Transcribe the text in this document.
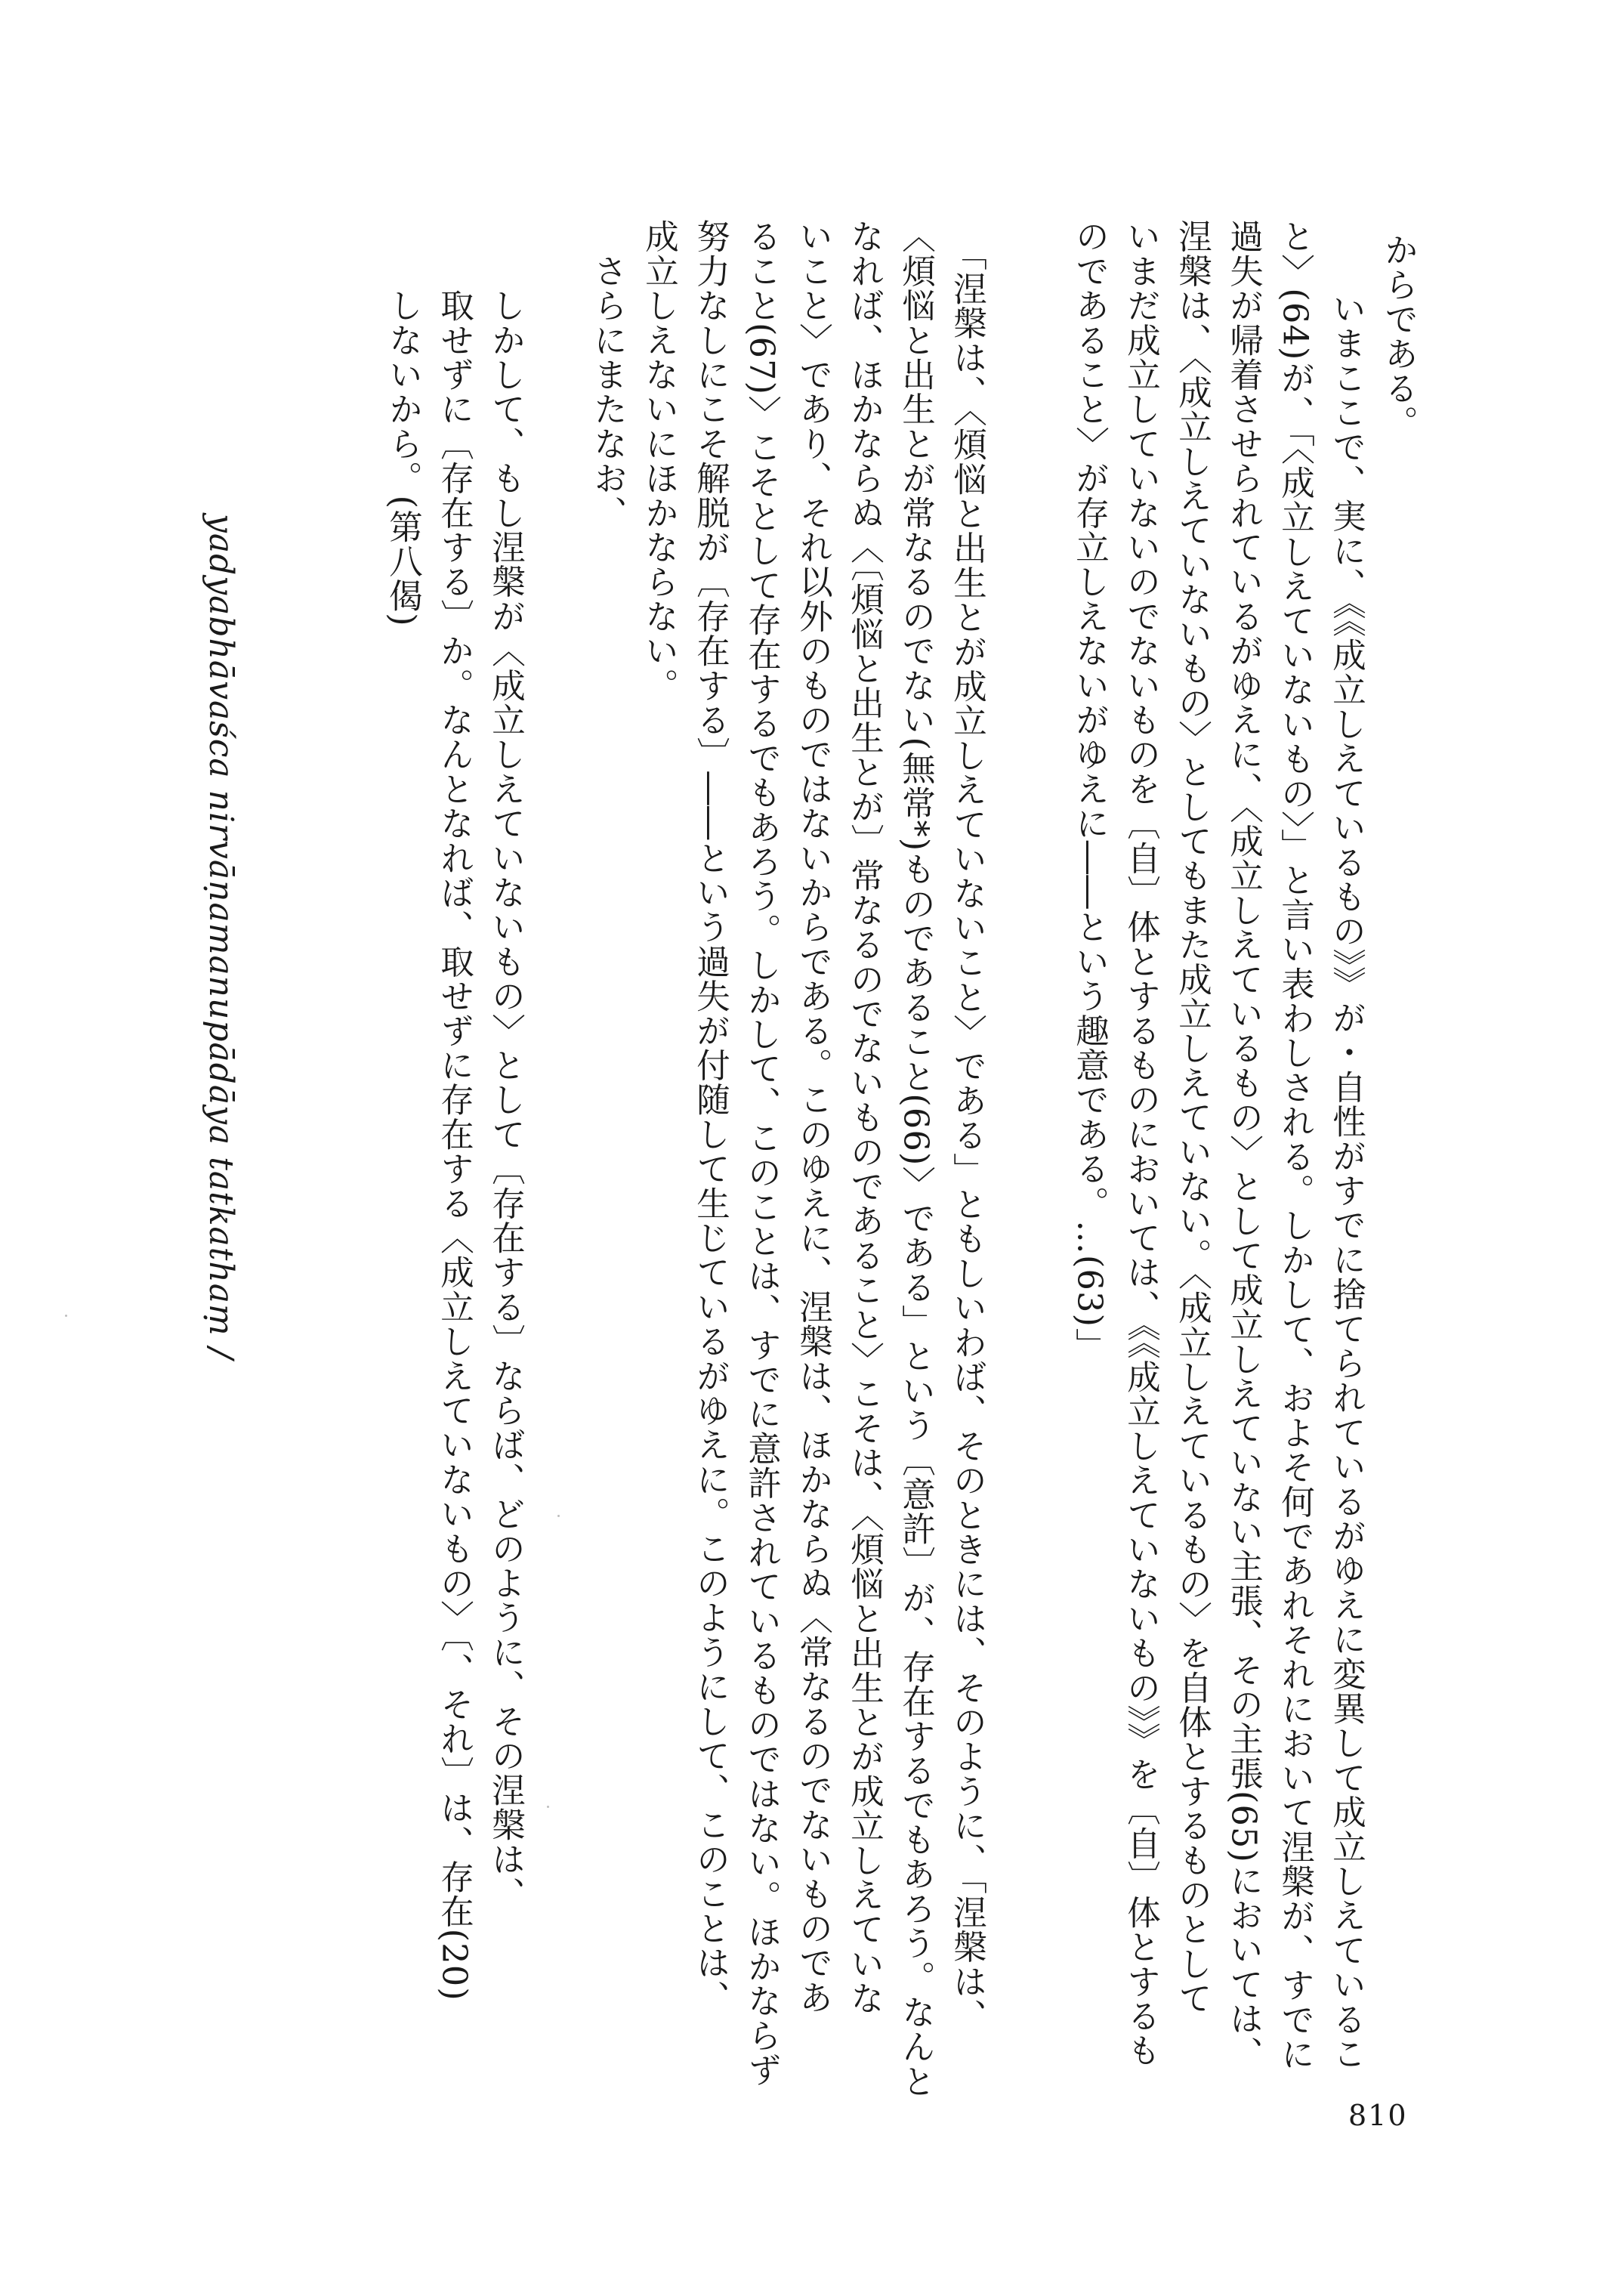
からである。
　いまここで、実に、《《成立しえているもの》》が・自性がすでに捨てられているがゆえに変異して成立しえているこ
と〉(64)が、「〈成立しえていないもの〉」と言い表わしされる。しかして、およそ何であれそれにおいて涅槃が、すでに
過失が帰着させられているがゆえに、〈成立しえているもの〉として成立しえていない主張、その主張(65)においては、
涅槃は、〈成立しえていないもの〉としてもまた成立しえていない。〈成立しえているもの〉を自体とするものとして
いまだ成立していないのでないものを〔自〕体とするものにおいては、《《成立しえていないもの》》を〔自〕体とするも
のであること〉が存立しえないがゆえに――という趣意である。…(63)」
　「涅槃は、〈煩悩と出生とが成立しえていないこと〉である」ともしいわば、そのときには、そのように、「涅槃は、
〈煩悩と出生とが常なるのでない(無常*)ものであること(66)〉である」という〔意許〕が、存在するでもあろう。なんと
なれば、ほかならぬ〈〔煩悩と出生とが〕常なるのでないものであること〉こそは、〈煩悩と出生とが成立しえていな
いこと〉であり、それ以外のものではないからである。このゆえに、涅槃は、ほかならぬ〈常なるのでないものであ
ること(67)〉こそとして存在するでもあろう。しかして、このことは、すでに意許されているものではない。ほかならず
努力なしにこそ解脱が〔存在する〕――という過失が付随して生じているがゆえに。このようにして、このことは、
成立しえないにほかならない。
　さらにまたなお、
　　しかして、もし涅槃が〈成立しえていないもの〉として〔存在する〕ならば、どのように、その涅槃は、
　　取せずに〔存在する〕か。なんとなれば、取せずに存在する〈成立しえていないもの〉〔、それ〕は、存在(20)
　　しないから。(第八偈)
yadyabhāvaśca nirvāṇamanupādāya tatkathaṃ /
810
